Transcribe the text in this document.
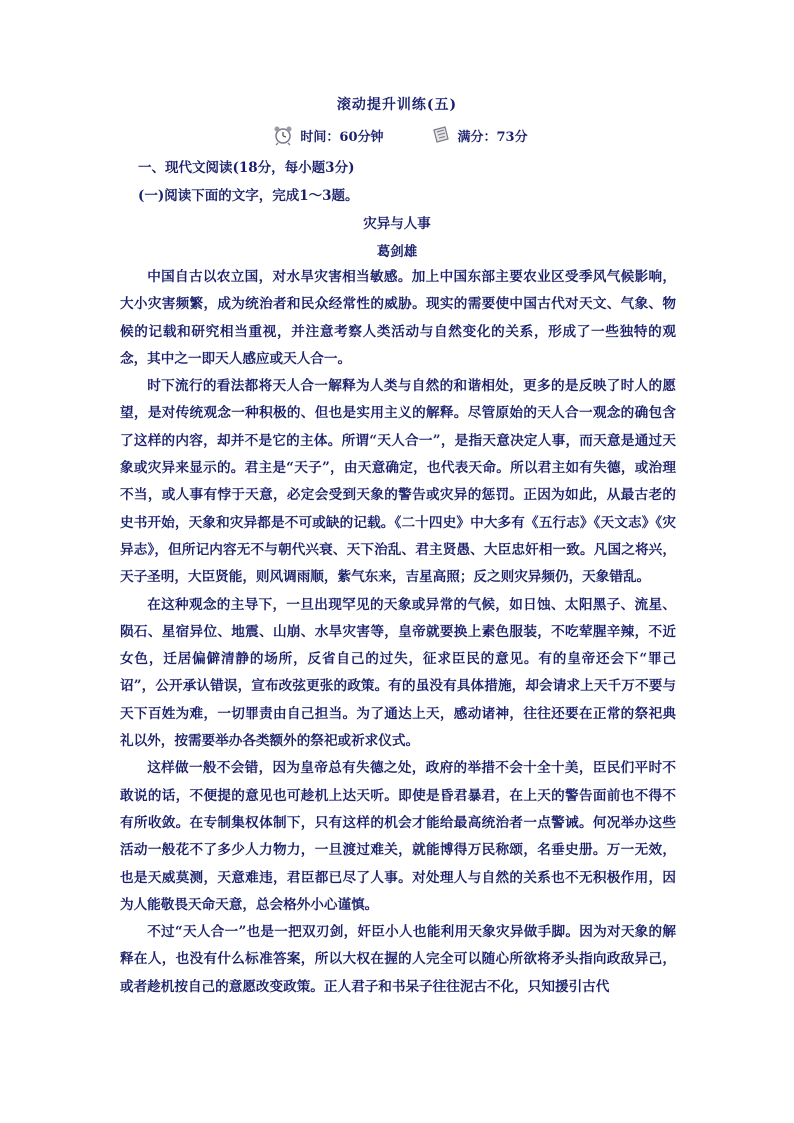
滚动提升训练(五)
时间：60分钟	满分：73分
一、现代文阅读(18分，每小题3分)
(一)阅读下面的文字，完成1～3题。
灾异与人事
葛剑雄

中国自古以农立国，对水旱灾害相当敏感。加上中国东部主要农业区受季风气候影响，大小灾害频繁，成为统治者和民众经常性的威胁。现实的需要使中国古代对天文、气象、物候的记载和研究相当重视，并注意考察人类活动与自然变化的关系，形成了一些独特的观念，其中之一即天人感应或天人合一。

时下流行的看法都将天人合一解释为人类与自然的和谐相处，更多的是反映了时人的愿望，是对传统观念一种积极的、但也是实用主义的解释。尽管原始的天人合一观念的确包含了这样的内容，却并不是它的主体。所谓“天人合一”，是指天意决定人事，而天意是通过天象或灾异来显示的。君主是“天子”，由天意确定，也代表天命。所以君主如有失德，或治理不当，或人事有悖于天意，必定会受到天象的警告或灾异的惩罚。正因为如此，从最古老的史书开始，天象和灾异都是不可或缺的记载。《二十四史》中大多有《五行志》《天文志》《灾异志》，但所记内容无不与朝代兴衰、天下治乱、君主贤愚、大臣忠奸相一致。凡国之将兴，天子圣明，大臣贤能，则风调雨顺，紫气东来，吉星高照；反之则灾异频仍，天象错乱。

在这种观念的主导下，一旦出现罕见的天象或异常的气候，如日蚀、太阳黑子、流星、陨石、星宿异位、地震、山崩、水旱灾害等，皇帝就要换上素色服装，不吃荤腥辛辣，不近女色，迁居偏僻清静的场所，反省自己的过失，征求臣民的意见。有的皇帝还会下“罪己诏”，公开承认错误，宣布改弦更张的政策。有的虽没有具体措施，却会请求上天千万不要与天下百姓为难，一切罪责由自己担当。为了通达上天，感动诸神，往往还要在正常的祭祀典礼以外，按需要举办各类额外的祭祀或祈求仪式。

这样做一般不会错，因为皇帝总有失德之处，政府的举措不会十全十美，臣民们平时不敢说的话，不便提的意见也可趁机上达天听。即使是昏君暴君，在上天的警告面前也不得不有所收敛。在专制集权体制下，只有这样的机会才能给最高统治者一点警诫。何况举办这些活动一般花不了多少人力物力，一旦渡过难关，就能博得万民称颂，名垂史册。万一无效，也是天威莫测，天意难违，君臣都已尽了人事。对处理人与自然的关系也不无积极作用，因为人能敬畏天命天意，总会格外小心谨慎。

不过“天人合一”也是一把双刃剑，奸臣小人也能利用天象灾异做手脚。因为对天象的解释在人，也没有什么标准答案，所以大权在握的人完全可以随心所欲将矛头指向政敌异己，或者趁机按自己的意愿改变政策。正人君子和书呆子往往泥古不化，只知援引古代
